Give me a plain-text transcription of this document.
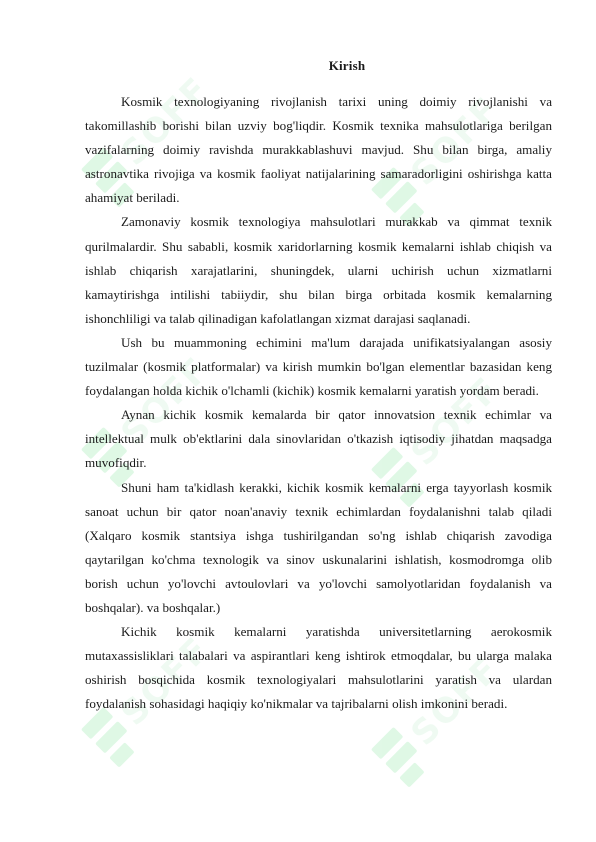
SOFF	SOFF
SOFF	SOFF
SOFF	SOFF
Kirish

Kosmik texnologiyaning rivojlanish tarixi uning doimiy rivojlanishi va takomillashib borishi bilan uzviy bog'liqdir. Kosmik texnika mahsulotlariga berilgan vazifalarning doimiy ravishda murakkablashuvi mavjud. Shu bilan birga, amaliy astronavtika rivojiga va kosmik faoliyat natijalarining samaradorligini oshirishga katta ahamiyat beriladi.

Zamonaviy kosmik texnologiya mahsulotlari murakkab va qimmat texnik qurilmalardir. Shu sababli, kosmik xaridorlarning kosmik kemalarni ishlab chiqish va ishlab chiqarish xarajatlarini, shuningdek, ularni uchirish uchun xizmatlarni kamaytirishga intilishi tabiiydir, shu bilan birga orbitada kosmik kemalarning ishonchliligi va talab qilinadigan kafolatlangan xizmat darajasi saqlanadi.

Ush bu muammoning echimini ma'lum darajada unifikatsiyalangan asosiy tuzilmalar (kosmik platformalar) va kirish mumkin bo'lgan elementlar bazasidan keng foydalangan holda kichik o'lchamli (kichik) kosmik kemalarni yaratish yordam beradi.

Aynan kichik kosmik kemalarda bir qator innovatsion texnik echimlar va intellektual mulk ob'ektlarini dala sinovlaridan o'tkazish iqtisodiy jihatdan maqsadga muvofiqdir.

Shuni ham ta'kidlash kerakki, kichik kosmik kemalarni erga tayyorlash kosmik sanoat uchun bir qator noan'anaviy texnik echimlardan foydalanishni talab qiladi (Xalqaro kosmik stantsiya ishga tushirilgandan so'ng ishlab chiqarish zavodiga qaytarilgan ko'chma texnologik va sinov uskunalarini ishlatish, kosmodromga olib borish uchun yo'lovchi avtoulovlari va yo'lovchi samolyotlaridan foydalanish va boshqalar). va boshqalar.)

Kichik kosmik kemalarni yaratishda universitetlarning aerokosmik mutaxassisliklari talabalari va aspirantlari keng ishtirok etmoqdalar, bu ularga malaka oshirish bosqichida kosmik texnologiyalari mahsulotlarini yaratish va ulardan foydalanish sohasidagi haqiqiy ko'nikmalar va tajribalarni olish imkonini beradi.
